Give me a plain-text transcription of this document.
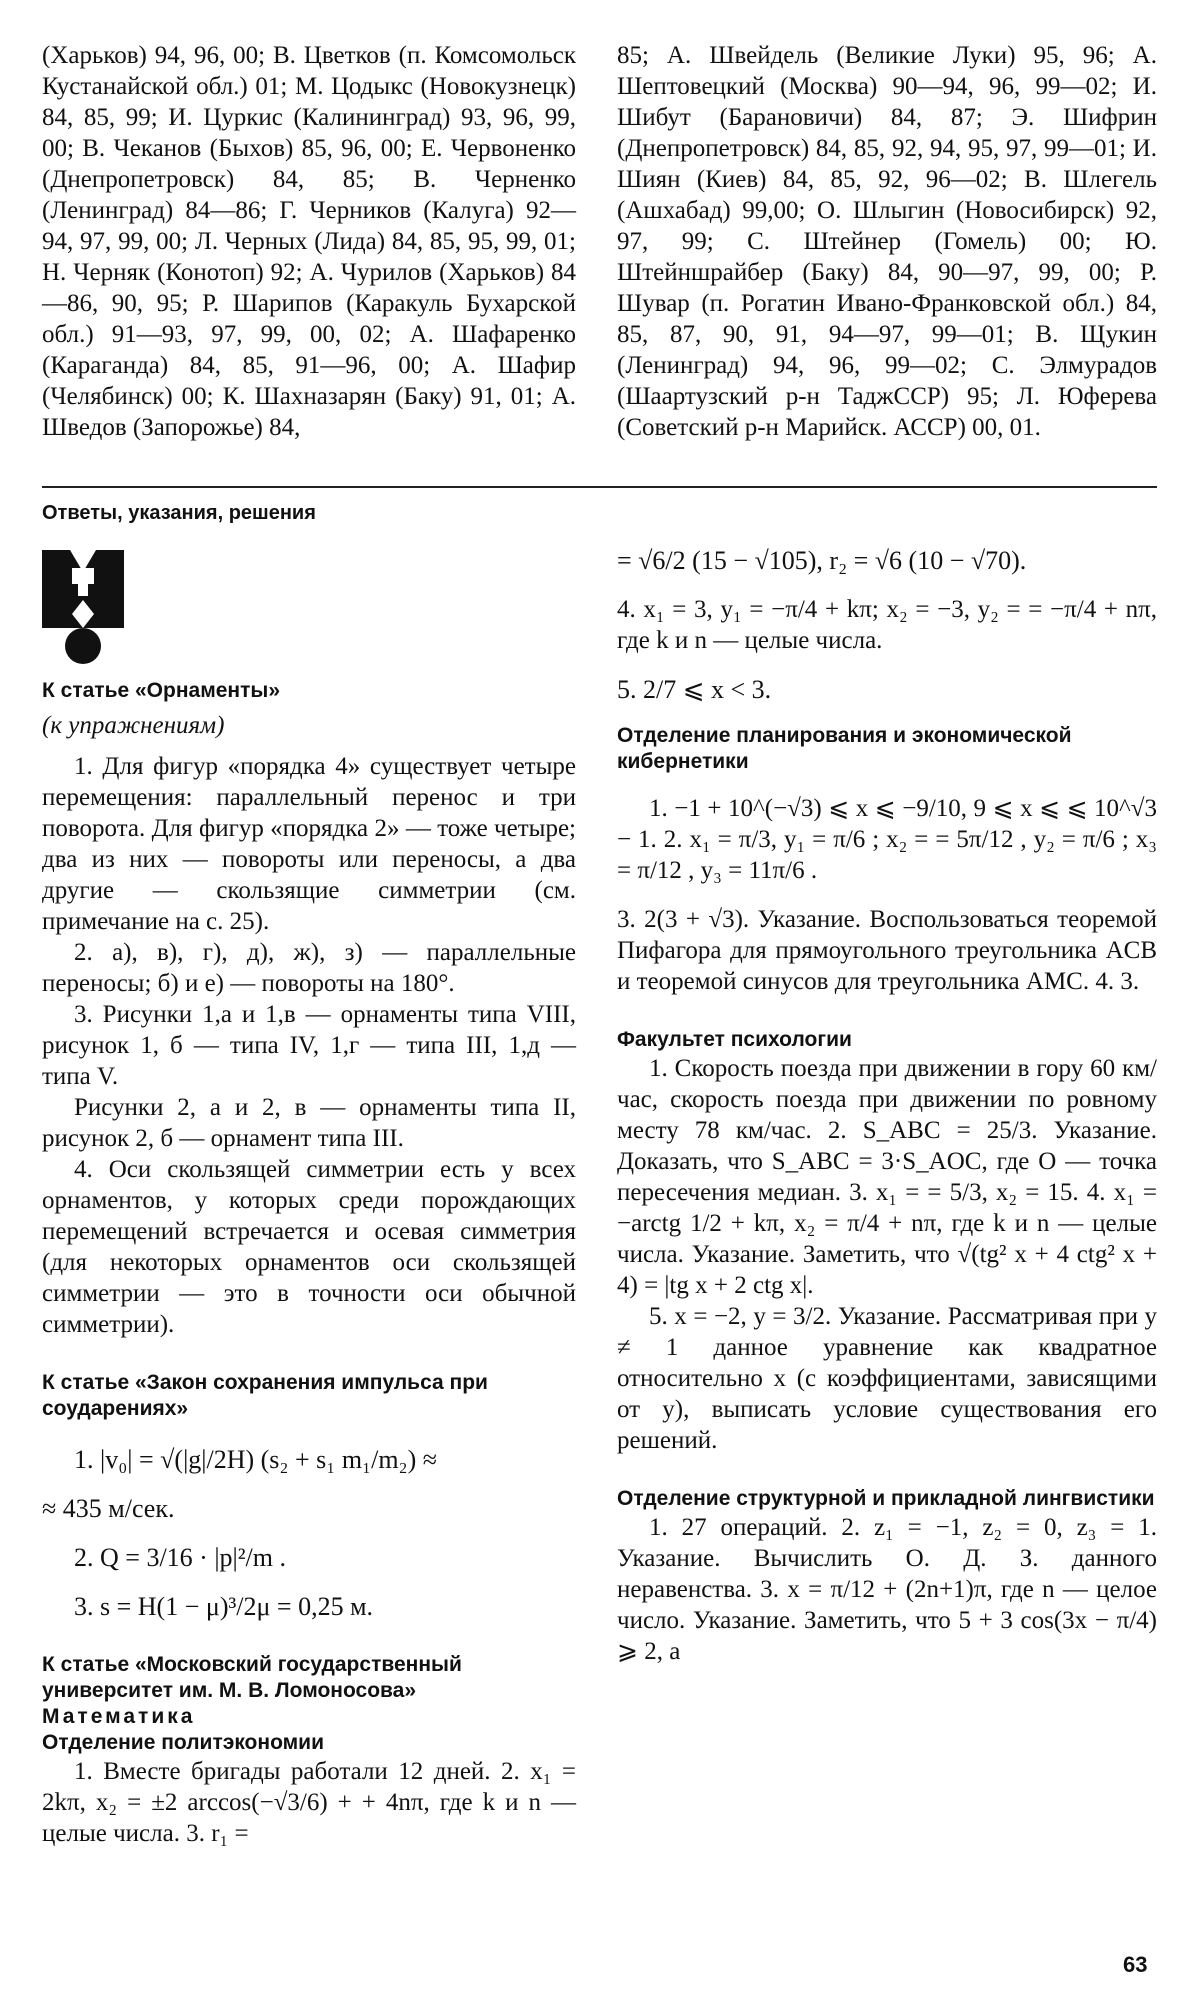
(Харьков) 94, 96, 00; В. Цветков (п. Комсомольск Кустанайской обл.) 01; М. Цодыкс (Новокузнецк) 84, 85, 99; И. Цуркис (Калининград) 93, 96, 99, 00; В. Чеканов (Быхов) 85, 96, 00; Е. Червоненко (Днепропетровск) 84, 85; В. Черненко (Ленинград) 84—86; Г. Черников (Калуга) 92—94, 97, 99, 00; Л. Черных (Лида) 84, 85, 95, 99, 01; Н. Черняк (Конотоп) 92; А. Чурилов (Харьков) 84—86, 90, 95; Р. Шарипов (Каракуль Бухарской обл.) 91—93, 97, 99, 00, 02; А. Шафаренко (Караганда) 84, 85, 91—96, 00; А. Шафир (Челябинск) 00; К. Шахназарян (Баку) 91, 01; А. Шведов (Запорожье) 84,

85; А. Швейдель (Великие Луки) 95, 96; А. Шептовецкий (Москва) 90—94, 96, 99—02; И. Шибут (Барановичи) 84, 87; Э. Шифрин (Днепропетровск) 84, 85, 92, 94, 95, 97, 99—01; И. Шиян (Киев) 84, 85, 92, 96—02; В. Шлегель (Ашхабад) 99,00; О. Шлыгин (Новосибирск) 92, 97, 99; С. Штейнер (Гомель) 00; Ю. Штейншрайбер (Баку) 84, 90—97, 99, 00; Р. Шувар (п. Рогатин Ивано-Франковской обл.) 84, 85, 87, 90, 91, 94—97, 99—01; В. Щукин (Ленинград) 94, 96, 99—02; С. Элмурадов (Шаартузский р-н ТаджССР) 95; Л. Юферева (Советский р-н Марийск. АССР) 00, 01.

Ответы, указания, решения

К статье «Орнаменты»

(к упражнениям)

1. Для фигур «порядка 4» существует четыре перемещения: параллельный перенос и три поворота. Для фигур «порядка 2» — тоже четыре; два из них — повороты или переносы, а два другие — скользящие симметрии (см. примечание на с. 25).

2. а), в), г), д), ж), з) — параллельные переносы; б) и е) — повороты на 180°.

3. Рисунки 1,а и 1,в — орнаменты типа VIII, рисунок 1, б — типа IV, 1,г — типа III, 1,д — типа V.

Рисунки 2, а и 2, в — орнаменты типа II, рисунок 2, б — орнамент типа III.

4. Оси скользящей симметрии есть у всех орнаментов, у которых среди порождающих перемещений встречается и осевая симметрия (для некоторых орнаментов оси скользящей симметрии — это в точности оси обычной симметрии).

К статье «Закон сохранения импульса при соударениях»

1. |v₀| = √(|g|/2H) (s₂ + s₁ m₁/m₂) ≈

≈ 435 м/сек.

2. Q = 3/16 · |p|²/m .

3. s = H(1 − μ)³/2μ = 0,25 м.

К статье «Московский государственный университет им. М. В. Ломоносова»

Математика

Отделение политэкономии

1. Вместе бригады работали 12 дней. 2. x₁ = 2kπ, x₂ = ±2 arccos(−√3/6) + + 4nπ, где k и n — целые числа. 3. r₁ =

= √6/2 (15 − √105), r₂ = √6 (10 − √70).

4. x₁ = 3, y₁ = −π/4 + kπ; x₂ = −3, y₂ = = −π/4 + nπ, где k и n — целые числа.

5. 2/7 ⩽ x < 3.

Отделение планирования и экономической кибернетики

1. −1 + 10^(−√3) ⩽ x ⩽ −9/10, 9 ⩽ x ⩽ ⩽ 10^√3 − 1. 2. x₁ = π/3, y₁ = π/6 ; x₂ = = 5π/12 , y₂ = π/6 ; x₃ = π/12 , y₃ = 11π/6 .

3. 2(3 + √3). Указание. Воспользоваться теоремой Пифагора для прямоугольного треугольника ACB и теоремой синусов для треугольника AMC. 4. 3.

Факультет психологии

1. Скорость поезда при движении в гору 60 км/час, скорость поезда при движении по ровному месту 78 км/час. 2. S_ABC = 25/3. Указание. Доказать, что S_ABC = 3·S_AOC, где O — точка пересечения медиан. 3. x₁ = = 5/3, x₂ = 15. 4. x₁ = −arctg 1/2 + kπ, x₂ = π/4 + nπ, где k и n — целые числа. Указание. Заметить, что √(tg² x + 4 ctg² x + 4) = |tg x + 2 ctg x|.

5. x = −2, y = 3/2. Указание. Рассматривая при y ≠ 1 данное уравнение как квадратное относительно x (с коэффициентами, зависящими от y), выписать условие существования его решений.

Отделение структурной и прикладной лингвистики

1. 27 операций. 2. z₁ = −1, z₂ = 0, z₃ = 1. Указание. Вычислить О. Д. З. данного неравенства. 3. x = π/12 + (2n+1)π, где n — целое число. Указание. Заметить, что 5 + 3 cos(3x − π/4) ⩾ 2, а

63
